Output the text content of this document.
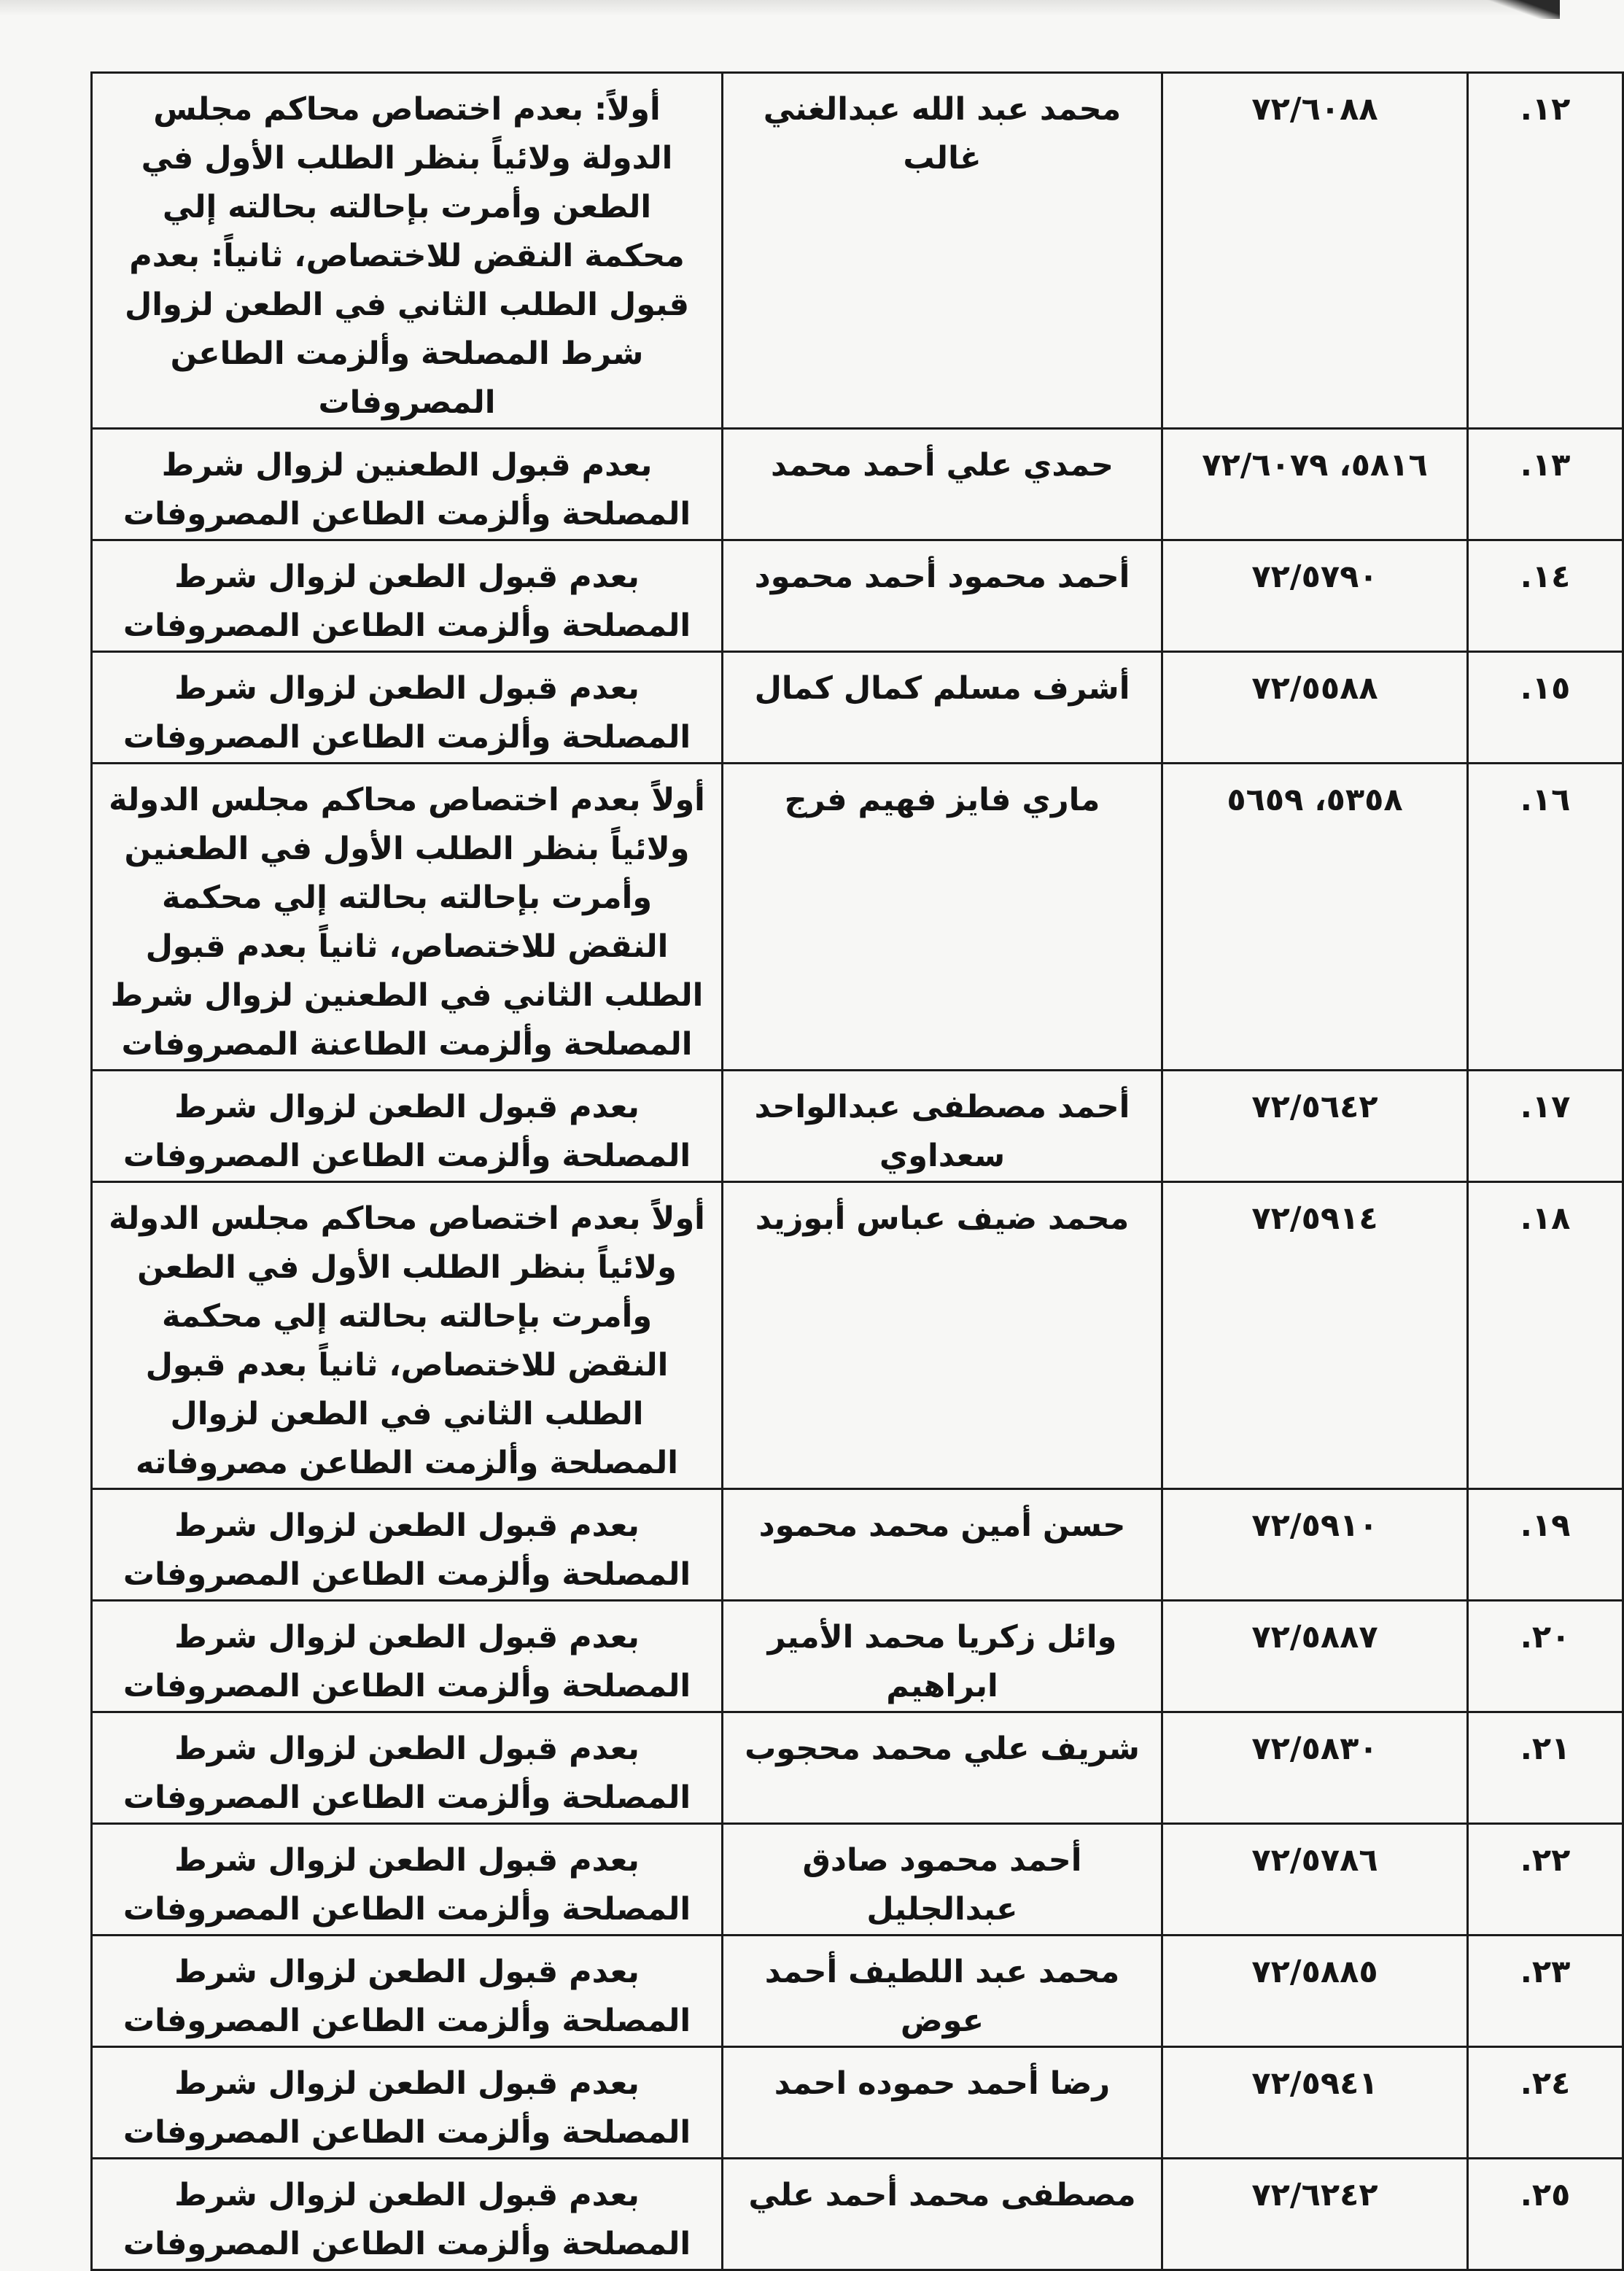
١٢.	٧٢/٦٠٨٨	محمد عبد الله عبدالغني غالب	أولاً: بعدم اختصاص محاكم مجلس الدولة ولائياً بنظر الطلب الأول في الطعن وأمرت بإحالته بحالته إلي محكمة النقض للاختصاص، ثانياً: بعدم قبول الطلب الثاني في الطعن لزوال شرط المصلحة وألزمت الطاعن المصروفات

١٣.	٥٨١٦، ٧٢/٦٠٧٩	حمدي علي أحمد محمد	بعدم قبول الطعنين لزوال شرط المصلحة وألزمت الطاعن المصروفات

١٤.	٧٢/٥٧٩٠	أحمد محمود أحمد محمود	بعدم قبول الطعن لزوال شرط المصلحة وألزمت الطاعن المصروفات

١٥.	٧٢/٥٥٨٨	أشرف مسلم كمال كمال	بعدم قبول الطعن لزوال شرط المصلحة وألزمت الطاعن المصروفات

١٦.	٥٣٥٨، ٥٦٥٩	ماري فايز فهيم فرج	أولاً بعدم اختصاص محاكم مجلس الدولة ولائياً بنظر الطلب الأول في الطعنين وأمرت بإحالته بحالته إلي محكمة النقض للاختصاص، ثانياً بعدم قبول الطلب الثاني في الطعنين لزوال شرط المصلحة وألزمت الطاعنة المصروفات

١٧.	٧٢/٥٦٤٢	أحمد مصطفى عبدالواحد سعداوي	بعدم قبول الطعن لزوال شرط المصلحة وألزمت الطاعن المصروفات

١٨.	٧٢/٥٩١٤	محمد ضيف عباس أبوزيد	أولاً بعدم اختصاص محاكم مجلس الدولة ولائياً بنظر الطلب الأول في الطعن وأمرت بإحالته بحالته إلي محكمة النقض للاختصاص، ثانياً بعدم قبول الطلب الثاني في الطعن لزوال المصلحة وألزمت الطاعن مصروفاته

١٩.	٧٢/٥٩١٠	حسن أمين محمد محمود	بعدم قبول الطعن لزوال شرط المصلحة وألزمت الطاعن المصروفات

٢٠.	٧٢/٥٨٨٧	وائل زكريا محمد الأمير ابراهيم	بعدم قبول الطعن لزوال شرط المصلحة وألزمت الطاعن المصروفات

٢١.	٧٢/٥٨٣٠	شريف علي محمد محجوب	بعدم قبول الطعن لزوال شرط المصلحة وألزمت الطاعن المصروفات

٢٢.	٧٢/٥٧٨٦	أحمد محمود صادق عبدالجليل	بعدم قبول الطعن لزوال شرط المصلحة وألزمت الطاعن المصروفات

٢٣.	٧٢/٥٨٨٥	محمد عبد اللطيف أحمد عوض	بعدم قبول الطعن لزوال شرط المصلحة وألزمت الطاعن المصروفات

٢٤.	٧٢/٥٩٤١	رضا أحمد حموده احمد	بعدم قبول الطعن لزوال شرط المصلحة وألزمت الطاعن المصروفات

٢٥.	٧٢/٦٢٤٢	مصطفى محمد أحمد علي	بعدم قبول الطعن لزوال شرط المصلحة وألزمت الطاعن المصروفات
